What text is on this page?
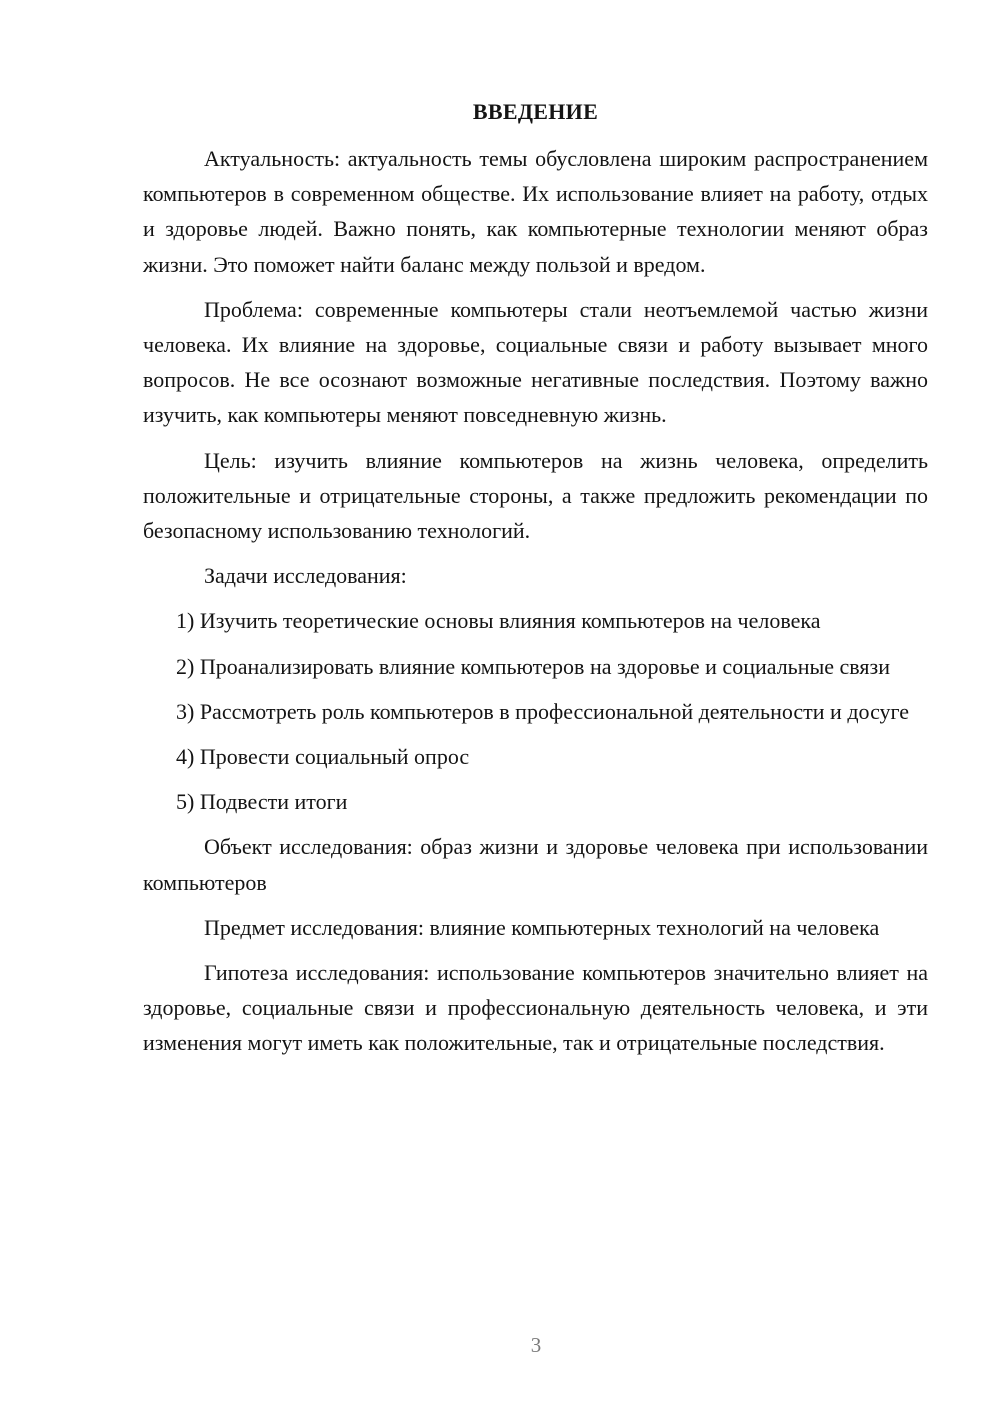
ВВЕДЕНИЕ

Актуальность: актуальность темы обусловлена широким распространением компьютеров в современном обществе. Их использование влияет на работу, отдых и здоровье людей. Важно понять, как компьютерные технологии меняют образ жизни. Это поможет найти баланс между пользой и вредом.

Проблема: современные компьютеры стали неотъемлемой частью жизни человека. Их влияние на здоровье, социальные связи и работу вызывает много вопросов. Не все осознают возможные негативные последствия. Поэтому важно изучить, как компьютеры меняют повседневную жизнь.

Цель: изучить влияние компьютеров на жизнь человека, определить положительные и отрицательные стороны, а также предложить рекомендации по безопасному использованию технологий.

Задачи исследования:

1) Изучить теоретические основы влияния компьютеров на человека

2) Проанализировать влияние компьютеров на здоровье и социальные связи

3) Рассмотреть роль компьютеров в профессиональной деятельности и досуге

4) Провести социальный опрос

5) Подвести итоги

Объект исследования: образ жизни и здоровье человека при использовании компьютеров

Предмет исследования: влияние компьютерных технологий на человека

Гипотеза исследования: использование компьютеров значительно влияет на здоровье, социальные связи и профессиональную деятельность человека, и эти изменения могут иметь как положительные, так и отрицательные последствия.

3
